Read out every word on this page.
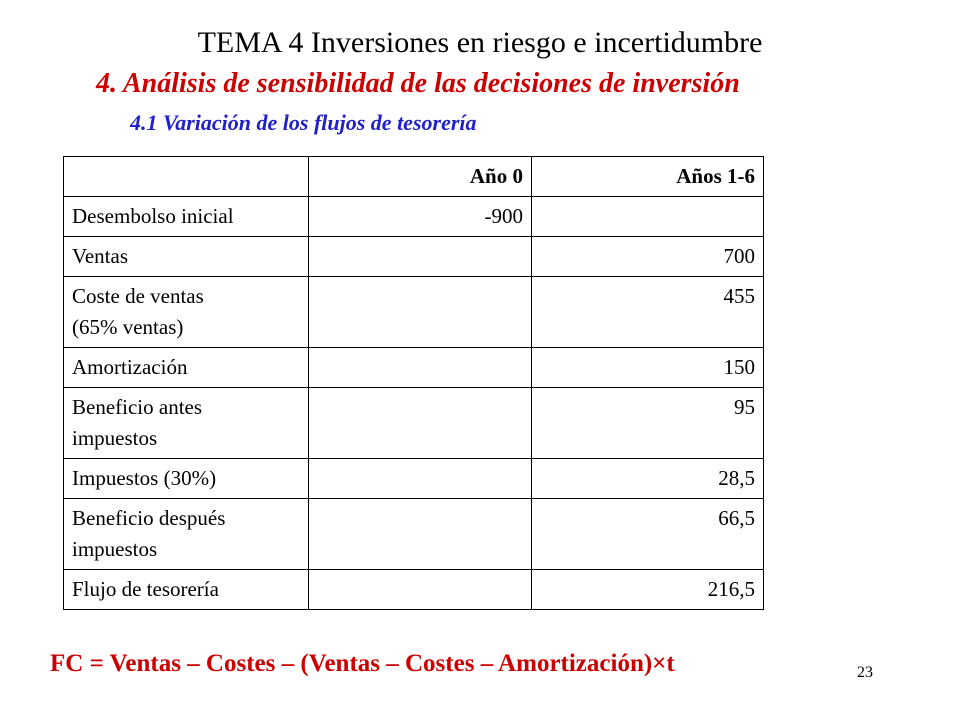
TEMA 4 Inversiones en riesgo e incertidumbre
4. Análisis de sensibilidad de las decisiones de inversión
4.1 Variación de los flujos de tesorería
	Año 0	Años 1-6
Desembolso inicial	-900	
Ventas		700
Coste de ventas
(65% ventas)		455
Amortización		150
Beneficio antes
impuestos		95
Impuestos (30%)		28,5
Beneficio después
impuestos		66,5
Flujo de tesorería		216,5
FC = Ventas – Costes – (Ventas – Costes – Amortización)×t	23
